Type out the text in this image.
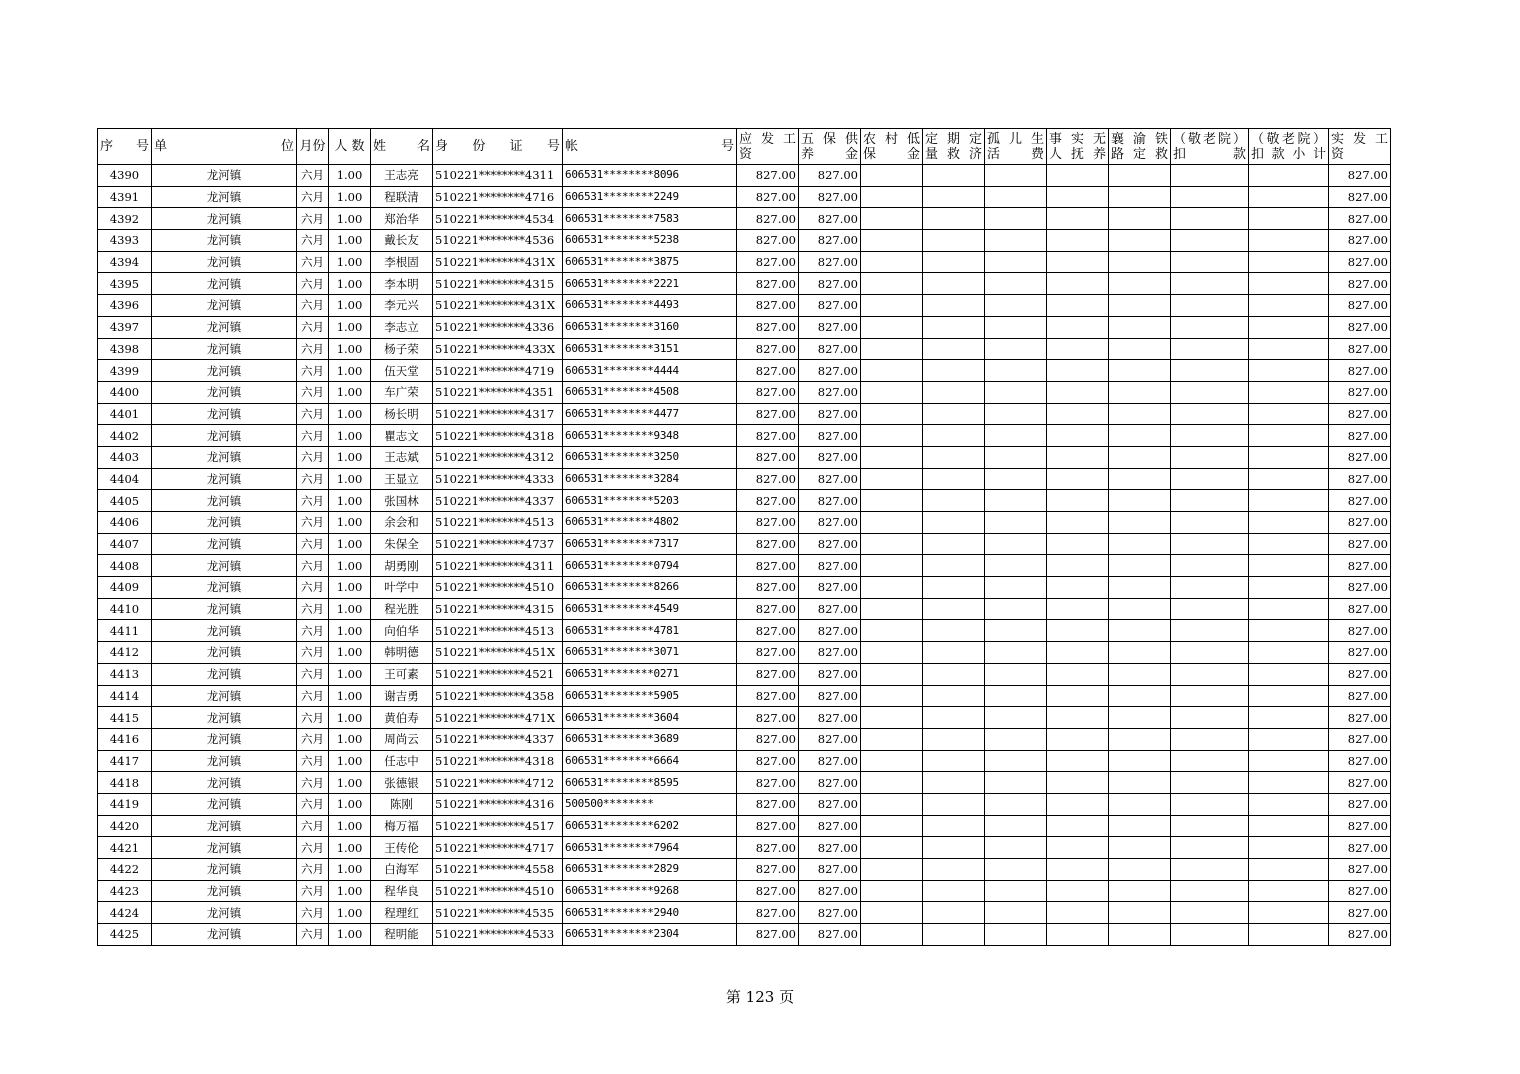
序　号	单　位	月份	人 数	姓　名	身　份　证　号	帐　号	应 发 工 资	五 保 供 养 金	农 村 低 保 金	定 期 定 量 救 济	孤 儿 生 活 费	事 实 无 人 抚 养	襄 渝 铁 路 定 救	（敬老院）扣　款	（敬老院）扣 款 小 计	实 发 工 资
4390	龙河镇	六月	1.00	王志亮	510221********4311	606531********8096	827.00	827.00								827.00
4391	龙河镇	六月	1.00	程联清	510221********4716	606531********2249	827.00	827.00								827.00
4392	龙河镇	六月	1.00	郑治华	510221********4534	606531********7583	827.00	827.00								827.00
4393	龙河镇	六月	1.00	戴长友	510221********4536	606531********5238	827.00	827.00								827.00
4394	龙河镇	六月	1.00	李根固	510221********431X	606531********3875	827.00	827.00								827.00
4395	龙河镇	六月	1.00	李本明	510221********4315	606531********2221	827.00	827.00								827.00
4396	龙河镇	六月	1.00	李元兴	510221********431X	606531********4493	827.00	827.00								827.00
4397	龙河镇	六月	1.00	李志立	510221********4336	606531********3160	827.00	827.00								827.00
4398	龙河镇	六月	1.00	杨子荣	510221********433X	606531********3151	827.00	827.00								827.00
4399	龙河镇	六月	1.00	伍天堂	510221********4719	606531********4444	827.00	827.00								827.00
4400	龙河镇	六月	1.00	车广荣	510221********4351	606531********4508	827.00	827.00								827.00
4401	龙河镇	六月	1.00	杨长明	510221********4317	606531********4477	827.00	827.00								827.00
4402	龙河镇	六月	1.00	瞿志文	510221********4318	606531********9348	827.00	827.00								827.00
4403	龙河镇	六月	1.00	王志斌	510221********4312	606531********3250	827.00	827.00								827.00
4404	龙河镇	六月	1.00	王显立	510221********4333	606531********3284	827.00	827.00								827.00
4405	龙河镇	六月	1.00	张国林	510221********4337	606531********5203	827.00	827.00								827.00
4406	龙河镇	六月	1.00	余会和	510221********4513	606531********4802	827.00	827.00								827.00
4407	龙河镇	六月	1.00	朱保全	510221********4737	606531********7317	827.00	827.00								827.00
4408	龙河镇	六月	1.00	胡勇刚	510221********4311	606531********0794	827.00	827.00								827.00
4409	龙河镇	六月	1.00	叶学中	510221********4510	606531********8266	827.00	827.00								827.00
4410	龙河镇	六月	1.00	程光胜	510221********4315	606531********4549	827.00	827.00								827.00
4411	龙河镇	六月	1.00	向伯华	510221********4513	606531********4781	827.00	827.00								827.00
4412	龙河镇	六月	1.00	韩明德	510221********451X	606531********3071	827.00	827.00								827.00
4413	龙河镇	六月	1.00	王可素	510221********4521	606531********0271	827.00	827.00								827.00
4414	龙河镇	六月	1.00	谢吉勇	510221********4358	606531********5905	827.00	827.00								827.00
4415	龙河镇	六月	1.00	黄伯寿	510221********471X	606531********3604	827.00	827.00								827.00
4416	龙河镇	六月	1.00	周尚云	510221********4337	606531********3689	827.00	827.00								827.00
4417	龙河镇	六月	1.00	任志中	510221********4318	606531********6664	827.00	827.00								827.00
4418	龙河镇	六月	1.00	张德银	510221********4712	606531********8595	827.00	827.00								827.00
4419	龙河镇	六月	1.00	陈刚	510221********4316	500500********	827.00	827.00								827.00
4420	龙河镇	六月	1.00	梅万福	510221********4517	606531********6202	827.00	827.00								827.00
4421	龙河镇	六月	1.00	王传伦	510221********4717	606531********7964	827.00	827.00								827.00
4422	龙河镇	六月	1.00	白海军	510221********4558	606531********2829	827.00	827.00								827.00
4423	龙河镇	六月	1.00	程华良	510221********4510	606531********9268	827.00	827.00								827.00
4424	龙河镇	六月	1.00	程理红	510221********4535	606531********2940	827.00	827.00								827.00
4425	龙河镇	六月	1.00	程明能	510221********4533	606531********2304	827.00	827.00								827.00
第 123 页
